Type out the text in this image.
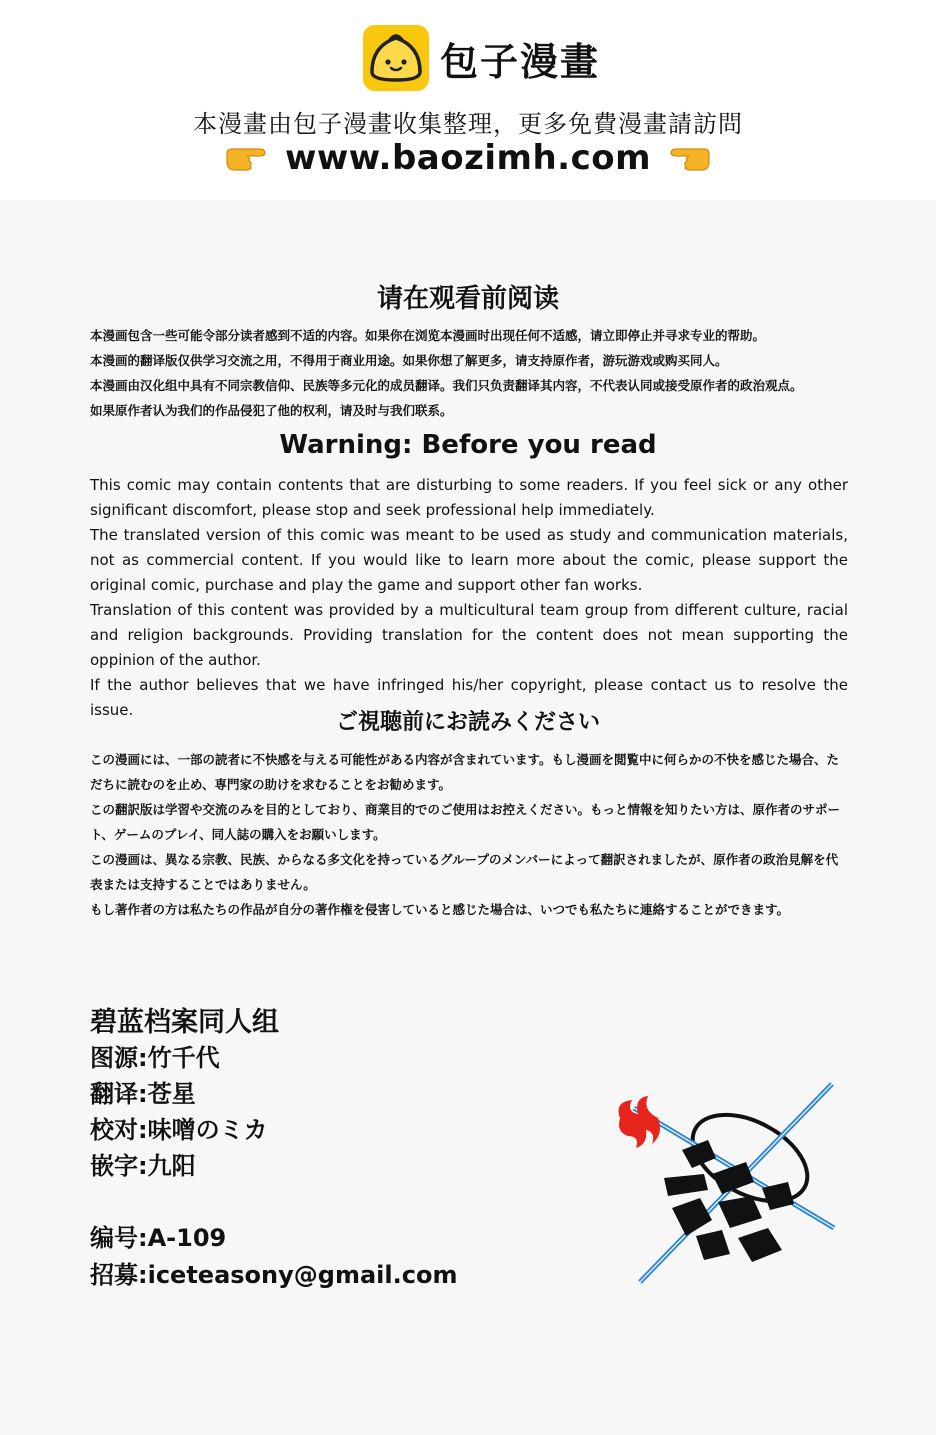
包子漫畫
本漫畫由包子漫畫收集整理，更多免費漫畫請訪問
www.baozimh.com
请在观看前阅读

本漫画包含一些可能令部分读者感到不适的内容。如果你在浏览本漫画时出现任何不适感，请立即停止并寻求专业的帮助。

本漫画的翻译版仅供学习交流之用，不得用于商业用途。如果你想了解更多，请支持原作者，游玩游戏或购买同人。

本漫画由汉化组中具有不同宗教信仰、民族等多元化的成员翻译。我们只负责翻译其内容，不代表认同或接受原作者的政治观点。

如果原作者认为我们的作品侵犯了他的权利，请及时与我们联系。

Warning: Before you read

This comic may contain contents that are disturbing to some readers. If you feel sick or any other significant discomfort, please stop and seek professional help immediately.

The translated version of this comic was meant to be used as study and communication materials, not as commercial content. If you would like to learn more about the comic, please support the original comic, purchase and play the game and support other fan works.

Translation of this content was provided by a multicultural team group from different culture, racial and religion backgrounds. Providing translation for the content does not mean supporting the oppinion of the author.

If the author believes that we have infringed his/her copyright, please contact us to resolve the issue.	ご視聴前にお読みください

この漫画には、一部の読者に不快感を与える可能性がある内容が含まれています。もし漫画を閲覧中に何らかの不快を感じた場合、ただちに読むのを止め、専門家の助けを求むることをお勧めます。

この翻訳版は学習や交流のみを目的としており、商業目的でのご使用はお控えください。もっと情報を知りたい方は、原作者のサポート、ゲームのプレイ、同人誌の購入をお願いします。

この漫画は、異なる宗教、民族、からなる多文化を持っているグループのメンバーによって翻訳されましたが、原作者の政治見解を代表または支持することではありません。

もし著作者の方は私たちの作品が自分の著作権を侵害していると感じた場合は、いつでも私たちに連絡することができます。

碧蓝档案同人组
图源:竹千代
翻译:苍星
校对:味噌のミカ
嵌字:九阳
编号:A-109
招募:iceteasony@gmail.com
